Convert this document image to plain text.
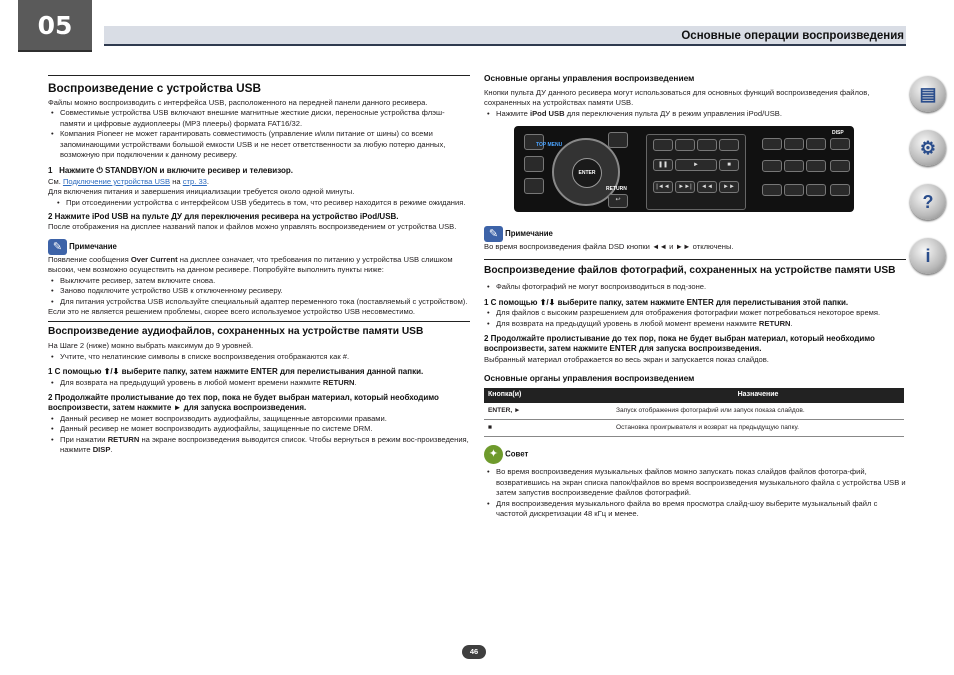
05	Основные операции воспроизведения
Воспроизведение с устройства USB

Файлы можно воспроизводить с интерфейса USB, расположенного на передней панели данного ресивера.

• Совместимые устройства USB включают внешние магнитные жесткие диски, переносные устройства флэш-памяти и цифровые аудиоплееры (MP3 плееры) формата FAT16/32.

• Компания Pioneer не может гарантировать совместимость (управление и/или питание от шины) со всеми запоминающими устройствами большой емкости USB и не несет ответственности за любую потерю данных, возможную при подключении к данному ресиверу.

1 Нажмите ⏻ STANDBY/ON и включите ресивер и телевизор.

См. Подключение устройства USB на стр. 33.

Для включения питания и завершения инициализации требуется около одной минуты.

• При отсоединении устройства с интерфейсом USB убедитесь в том, что ресивер находится в режиме ожидания.

2 Нажмите iPod USB на пульте ДУ для переключения ресивера на устройство iPod/USB.

После отображения на дисплее названий папок и файлов можно управлять воспроизведением от устройства USB.

✎ Примечание

Появление сообщения Over Current на дисплее означает, что требования по питанию у устройства USB слишком высоки, чем возможно осуществить на данном ресивере. Попробуйте выполнить пункты ниже:

• Выключите ресивер, затем включите снова.

• Заново подключите устройство USB к отключенному ресиверу.

• Для питания устройства USB используйте специальный адаптер переменного тока (поставляемый с устройством).

Если это не является решением проблемы, скорее всего используемое устройство USB несовместимо.

Воспроизведение аудиофайлов, сохраненных на устройстве памяти USB

На Шаге 2 (ниже) можно выбрать максимум до 9 уровней.

• Учтите, что нелатинские символы в списке воспроизведения отображаются как #.

1 С помощью ⬆/⬇ выберите папку, затем нажмите ENTER для перелистывания данной папки.

• Для возврата на предыдущий уровень в любой момент времени нажмите RETURN.

2 Продолжайте пролистывание до тех пор, пока не будет выбран материал, который необходимо воспроизвести, затем нажмите ► для запуска воспроизведения.

• Данный ресивер не может воспроизводить аудиофайлы, защищенные авторскими правами.

• Данный ресивер не может воспроизводить аудиофайлы, защищенные по системе DRM.

• При нажатии RETURN на экране воспроизведения выводится список. Чтобы вернуться в режим вос-произведения, нажмите DISP.

Основные органы управления воспроизведением

Кнопки пульта ДУ данного ресивера могут использоваться для основных функций воспроизведения файлов, сохраненных на устройствах памяти USB.

• Нажмите iPod USB для переключения пульта ДУ в режим управления iPod/USB.

TOP MENU
ENTER
RETURN
↩
❚❚	►	■
|◄◄	►►|	◄◄	►►
DISP
✎ Примечание

Во время воспроизведения файла DSD кнопки ◄◄ и ►► отключены.

Воспроизведение файлов фотографий, сохраненных на устройстве памяти USB

• Файлы фотографий не могут воспроизводиться в под-зоне.

1 С помощью ⬆/⬇ выберите папку, затем нажмите ENTER для перелистывания этой папки.

• Для файлов с высоким разрешением для отображения фотографии может потребоваться некоторое время.

• Для возврата на предыдущий уровень в любой момент времени нажмите RETURN.

2 Продолжайте пролистывание до тех пор, пока не будет выбран материал, который необходимо воспроизвести, затем нажмите ENTER для запуска воспроизведения.

Выбранный материал отображается во весь экран и запускается показ слайдов.

Основные органы управления воспроизведением
Кнопка(и)	Назначение
ENTER, ►	Запуск отображения фотографий или запуск показа слайдов.
■	Остановка проигрывателя и возврат на предыдущую папку.
✦ Совет

• Во время воспроизведения музыкальных файлов можно запускать показ слайдов файлов фотогра-фий, возвратившись на экран списка папок/файлов во время воспроизведения музыкального файла с устройства USB и затем запустив воспроизведение файлов фотографий.

• Для воспроизведения музыкального файла во время просмотра слайд-шоу выберите музыкальный файл с частотой дискретизации 48 кГц и менее.

▤
⚙
?
i
46
